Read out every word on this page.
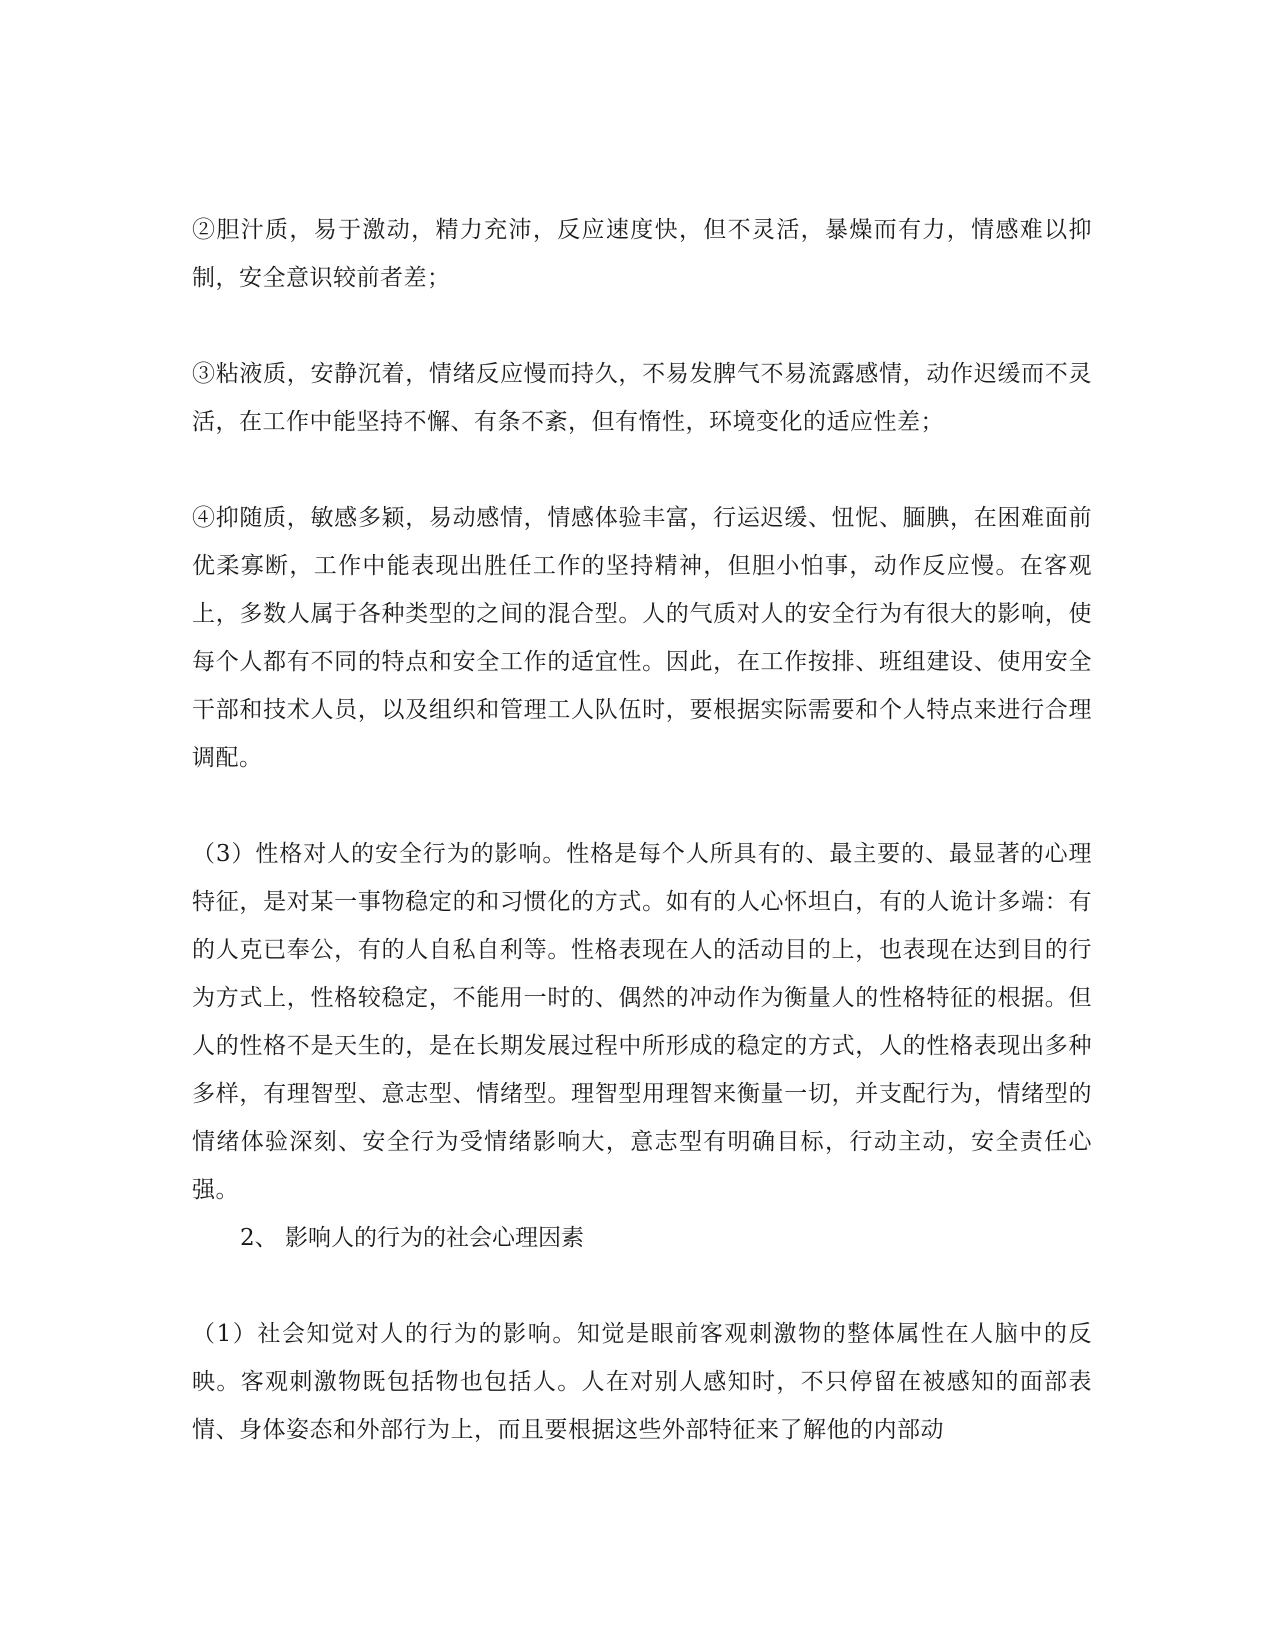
②胆汁质，易于激动，精力充沛，反应速度快，但不灵活，暴燥而有力，情感难以抑制，安全意识较前者差；

③粘液质，安静沉着，情绪反应慢而持久，不易发脾气不易流露感情，动作迟缓而不灵活，在工作中能坚持不懈、有条不紊，但有惰性，环境变化的适应性差；

④抑随质，敏感多颖，易动感情，情感体验丰富，行运迟缓、忸怩、腼腆，在困难面前优柔寡断，工作中能表现出胜任工作的坚持精神，但胆小怕事，动作反应慢。在客观上，多数人属于各种类型的之间的混合型。人的气质对人的安全行为有很大的影响，使每个人都有不同的特点和安全工作的适宜性。因此，在工作按排、班组建设、使用安全干部和技术人员，以及组织和管理工人队伍时，要根据实际需要和个人特点来进行合理调配。

（3）性格对人的安全行为的影响。性格是每个人所具有的、最主要的、最显著的心理特征，是对某一事物稳定的和习惯化的方式。如有的人心怀坦白，有的人诡计多端：有的人克已奉公，有的人自私自利等。性格表现在人的活动目的上，也表现在达到目的行为方式上，性格较稳定，不能用一时的、偶然的冲动作为衡量人的性格特征的根据。但人的性格不是天生的，是在长期发展过程中所形成的稳定的方式，人的性格表现出多种多样，有理智型、意志型、情绪型。理智型用理智来衡量一切，并支配行为，情绪型的情绪体验深刻、安全行为受情绪影响大，意志型有明确目标，行动主动，安全责任心强。

2、 影响人的行为的社会心理因素

（1）社会知觉对人的行为的影响。知觉是眼前客观刺激物的整体属性在人脑中的反映。客观刺激物既包括物也包括人。人在对别人感知时，不只停留在被感知的面部表情、身体姿态和外部行为上，而且要根据这些外部特征来了解他的内部动
